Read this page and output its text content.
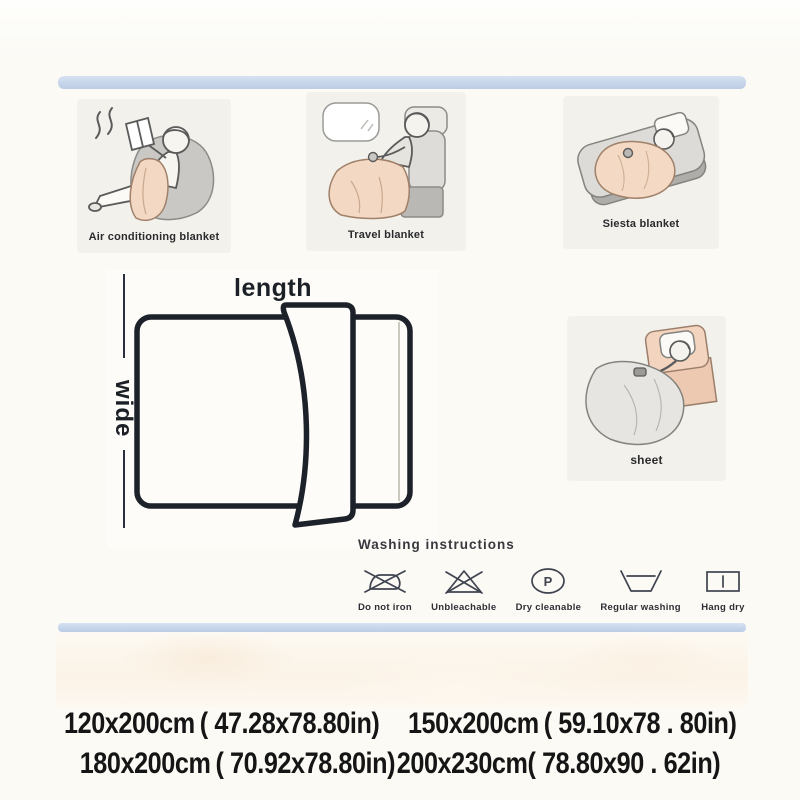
Air conditioning blanket	Travel blanket
Siesta blanket
length
wide
sheet
Washing instructions
Do not iron Unbleachable
P
Dry cleanable Regular washing Hang dry
120x200cm ( 47.28x78.80in) 150x200cm ( 59.10x78 . 80in)
180x200cm ( 70.92x78.80in)200x230cm( 78.80x90 . 62in)
